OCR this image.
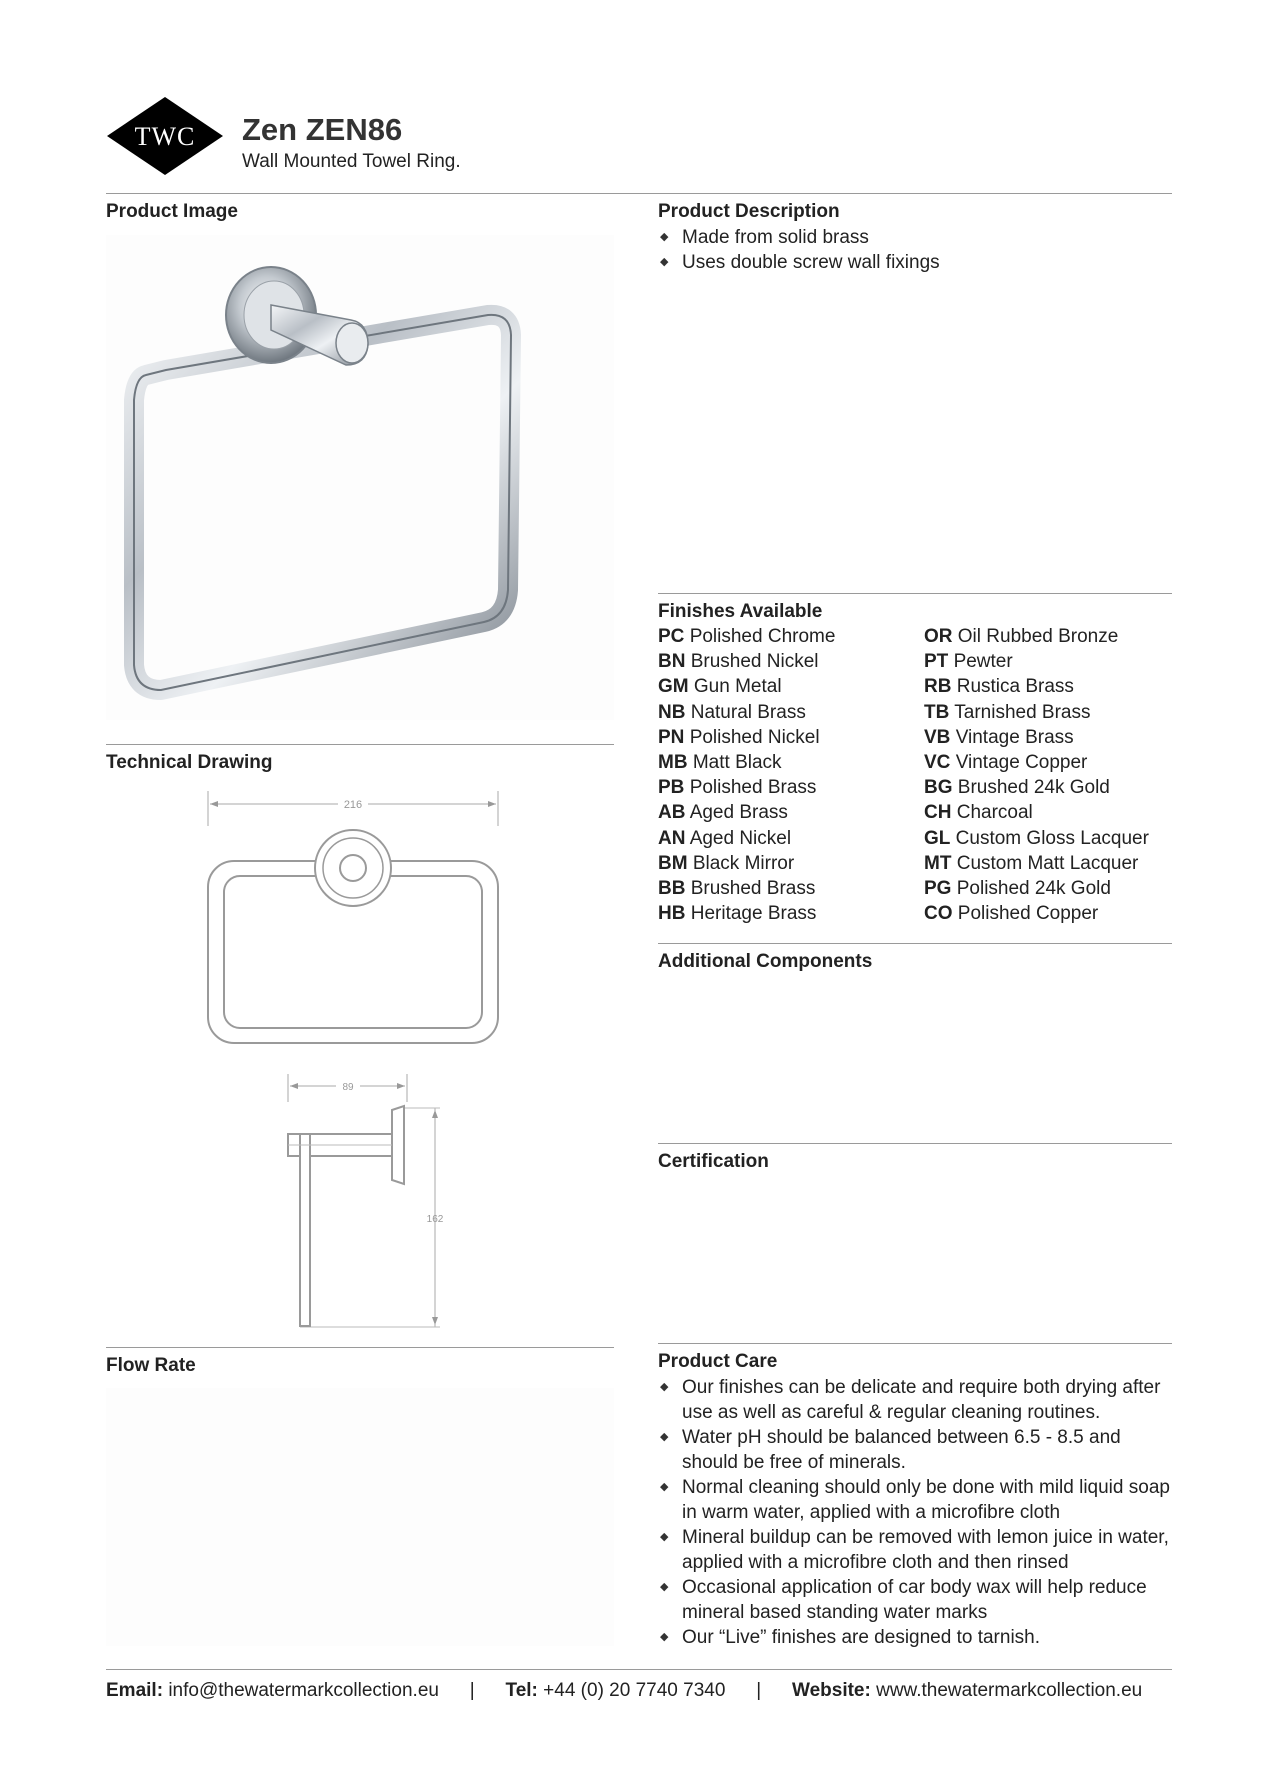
TWC Zen ZEN86
Wall Mounted Towel Ring.
Product Image
Technical Drawing
216
89
162
Flow Rate
Product Description
◆ Made from solid brass
◆ Uses double screw wall fixings
Finishes Available
PC Polished Chrome
BN Brushed Nickel
GM Gun Metal
NB Natural Brass
PN Polished Nickel
MB Matt Black
PB Polished Brass
AB Aged Brass
AN Aged Nickel
BM Black Mirror
BB Brushed Brass
HB Heritage Brass
OR Oil Rubbed Bronze
PT Pewter
RB Rustica Brass
TB Tarnished Brass
VB Vintage Brass
VC Vintage Copper
BG Brushed 24k Gold
CH Charcoal
GL Custom Gloss Lacquer
MT Custom Matt Lacquer
PG Polished 24k Gold
CO Polished Copper
Additional Components
Certification
Product Care
◆ Our finishes can be delicate and require both drying after use as well as careful & regular cleaning routines.
◆ Water pH should be balanced between 6.5 - 8.5 and should be free of minerals.
◆ Normal cleaning should only be done with mild liquid soap in warm water, applied with a microfibre cloth
◆ Mineral buildup can be removed with lemon juice in water, applied with a microfibre cloth and then rinsed
◆ Occasional application of car body wax will help reduce mineral based standing water marks
◆ Our “Live” finishes are designed to tarnish.
Email: info@thewatermarkcollection.eu | Tel: +44 (0) 20 7740 7340 | Website: www.thewatermarkcollection.eu
